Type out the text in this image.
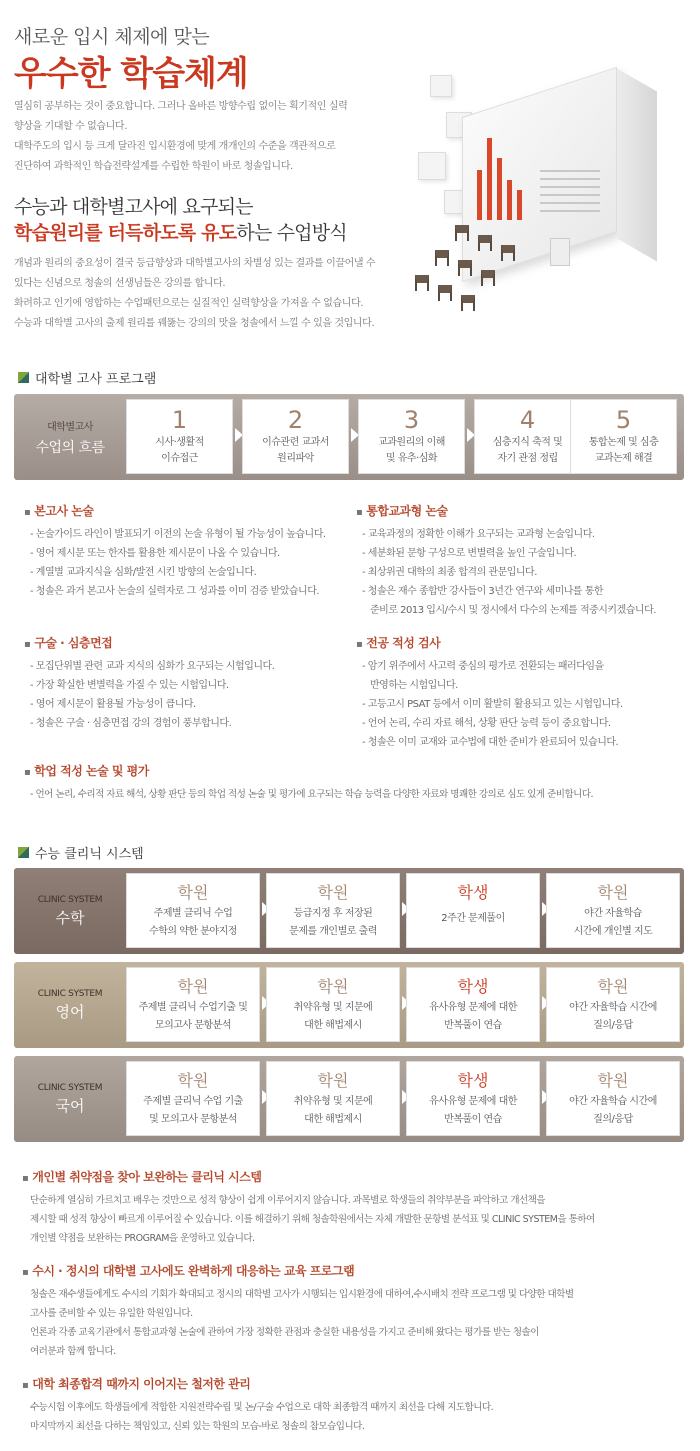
새로운 입시 체제에 맞는
우수한 학습체계
열심히 공부하는 것이 중요합니다. 그러나 올바른 방향수립 없이는 획기적인 실력
향상을 기대할 수 없습니다.
대학주도의 입시 등 크게 달라진 입시환경에 맞게 개개인의 수준을 객관적으로
진단하여 과학적인 학습전략설계를 수립한 학원이 바로 청솔입니다.
수능과 대학별고사에 요구되는
학습원리를 터득하도록 유도하는 수업방식
개념과 원리의 중요성이 결국 등급향상과 대학별고사의 차별성 있는 결과를 이끌어낼 수
있다는 신념으로 청솔의 선생님들은 강의를 합니다.
화려하고 인기에 영합하는 수업패턴으로는 실질적인 실력향상을 가져올 수 없습니다.
수능과 대학별 고사의 출제 원리를 꿰뚫는 강의의 맛을 청솔에서 느낄 수 있을 것입니다.
대학별 고사 프로그램
대학별고사
수업의 흐름
1
시사·생활적
이슈접근
2
이슈관련 교과서
원리파악
3
교과원리의 이해
및 유추·심화
4
심층지식 축적 및
자기 관점 정립
5
통합논제 및 심층
교과논제 해결
▪ 본고사 논술
- 논술가이드 라인이 발표되기 이전의 논술 유형이 될 가능성이 높습니다.
- 영어 제시문 또는 한자를 활용한 제시문이 나올 수 있습니다.
- 계열별 교과지식을 심화/발전 시킨 방향의 논술입니다.
- 청솔은 과거 본고사 논술의 실력자로 그 성과를 이미 검증 받았습니다.
▪ 통합교과형 논술
- 교육과정의 정확한 이해가 요구되는 교과형 논술입니다.
- 세분화된 문항 구성으로 변별력을 높인 구술입니다.
- 최상위권 대학의 최종 합격의 관문입니다.
- 청솔은 재수 종합반 강사들이 3년간 연구와 세미나를 통한
준비로 2013 입시/수시 및 정시에서 다수의 논제를 적중시키겠습니다.
▪ 구술 · 심층면접
- 모집단위별 관련 교과 지식의 심화가 요구되는 시험입니다.
- 가장 확실한 변별력을 가질 수 있는 시험입니다.
- 영어 제시문이 활용될 가능성이 큽니다.
- 청솔은 구술 · 심층면접 강의 경험이 풍부합니다.
▪ 전공 적성 검사
- 암기 위주에서 사고력 중심의 평가로 전환되는 패러다임을
반영하는 시험입니다.
- 고등고시 PSAT 등에서 이미 활발히 활용되고 있는 시험입니다.
- 언어 논리, 수리 자료 해석, 상황 판단 능력 등이 중요합니다.
- 청솔은 이미 교재와 교수법에 대한 준비가 완료되어 있습니다.
▪ 학업 적성 논술 및 평가
- 언어 논리, 수리적 자료 해석, 상황 판단 등의 학업 적성 논술 및 평가에 요구되는 학습 능력을 다양한 자료와 명쾌한 강의로 심도 있게 준비합니다.
수능 클리닉 시스템
CLINIC SYSTEM
수학
학원
주제별 클리닉 수업
수학의 약한 분야지정
학원
등급지정 후 저장된
문제를 개인별로 출력
학생
2주간 문제풀이
학원
야간 자율학습
시간에 개인별 지도
CLINIC SYSTEM
영어
학원
주제별 클리닉 수업기출 및
모의고사 문항분석
학원
취약유형 및 지문에
대한 해법제시
학생
유사유형 문제에 대한
반복풀이 연습
학원
야간 자율학습 시간에
질의/응답
CLINIC SYSTEM
국어
학원
주제별 클리닉 수업 기출
및 모의고사 문항분석
학원
취약유형 및 지문에
대한 해법제시
학생
유사유형 문제에 대한
반복풀이 연습
학원
야간 자율학습 시간에
질의/응답
▪ 개인별 취약점을 찾아 보완하는 클리닉 시스템
단순하게 열심히 가르치고 배우는 것만으로 성적 향상이 쉽게 이루어지지 않습니다. 과목별로 학생들의 취약부분을 파악하고 개선책을
제시할 때 성적 향상이 빠르게 이루어질 수 있습니다. 이를 해결하기 위해 청솔학원에서는 자체 개발한 문항별 분석표 및 CLINIC SYSTEM을 통하여
개인별 약점을 보완하는 PROGRAM을 운영하고 있습니다.
▪ 수시 · 정시의 대학별 고사에도 완벽하게 대응하는 교육 프로그램
청솔은 재수생들에게도 수시의 기회가 확대되고 정시의 대학별 고사가 시행되는 입시환경에 대하여,수시배치 전략 프로그램 및 다양한 대학별
고사를 준비할 수 있는 유일한 학원입니다.
언론과 각종 교육기관에서 통합교과형 논술에 관하여 가장 정확한 관점과 충실한 내용성을 가지고 준비해 왔다는 평가를 받는 청솔이
여러분과 함께 합니다.
▪ 대학 최종합격 때까지 이어지는 철저한 관리
수능시험 이후에도 학생들에게 적합한 지원전략수립 및 논/구술 수업으로 대학 최종합격 때까지 최선을 다해 지도합니다.
마지막까지 최선을 다하는 책임있고, 신뢰 있는 학원의 모습-바로 청솔의 참모습입니다.
